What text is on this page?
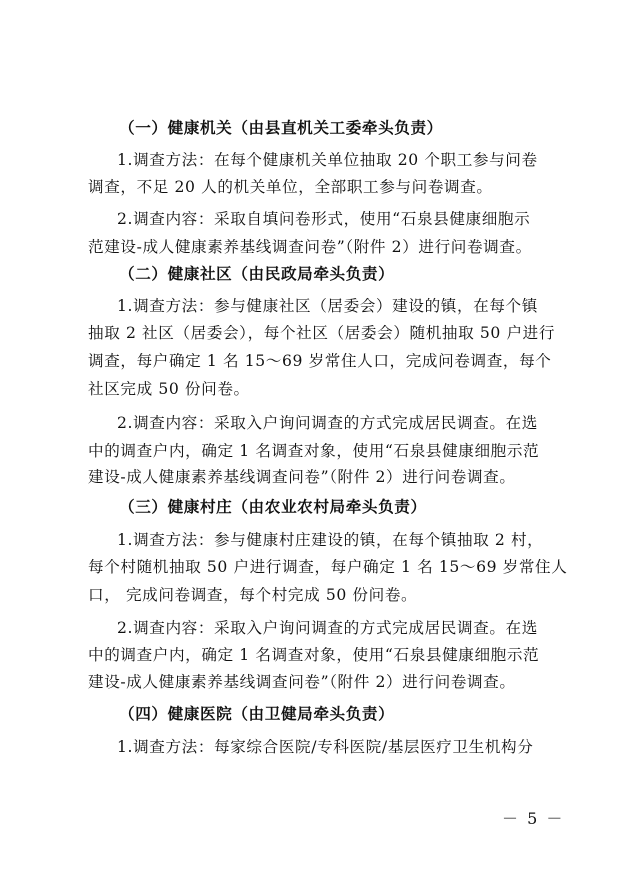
（一）健康机关（由县直机关工委牵头负责）
1.调查方法：在每个健康机关单位抽取 20 个职工参与问卷
调查，不足 20 人的机关单位，全部职工参与问卷调查。
2.调查内容：采取自填问卷形式，使用“石泉县健康细胞示
范建设-成人健康素养基线调查问卷”（附件 2）进行问卷调查。
（二）健康社区（由民政局牵头负责）
1.调查方法：参与健康社区（居委会）建设的镇，在每个镇
抽取 2 社区（居委会），每个社区（居委会）随机抽取 50 户进行
调查，每户确定 1 名 15～69 岁常住人口，完成问卷调查，每个
社区完成 50 份问卷。
2.调查内容：采取入户询问调查的方式完成居民调查。在选
中的调查户内，确定 1 名调查对象，使用“石泉县健康细胞示范
建设-成人健康素养基线调查问卷”（附件 2）进行问卷调查。
（三）健康村庄（由农业农村局牵头负责）
1.调查方法：参与健康村庄建设的镇，在每个镇抽取 2 村，
每个村随机抽取 50 户进行调查，每户确定 1 名 15～69 岁常住人
口， 完成问卷调查，每个村完成 50 份问卷。
2.调查内容：采取入户询问调查的方式完成居民调查。在选
中的调查户内，确定 1 名调查对象，使用“石泉县健康细胞示范
建设-成人健康素养基线调查问卷”（附件 2）进行问卷调查。
（四）健康医院（由卫健局牵头负责）
1.调查方法：每家综合医院/专科医院/基层医疗卫生机构分
－ 5 －
